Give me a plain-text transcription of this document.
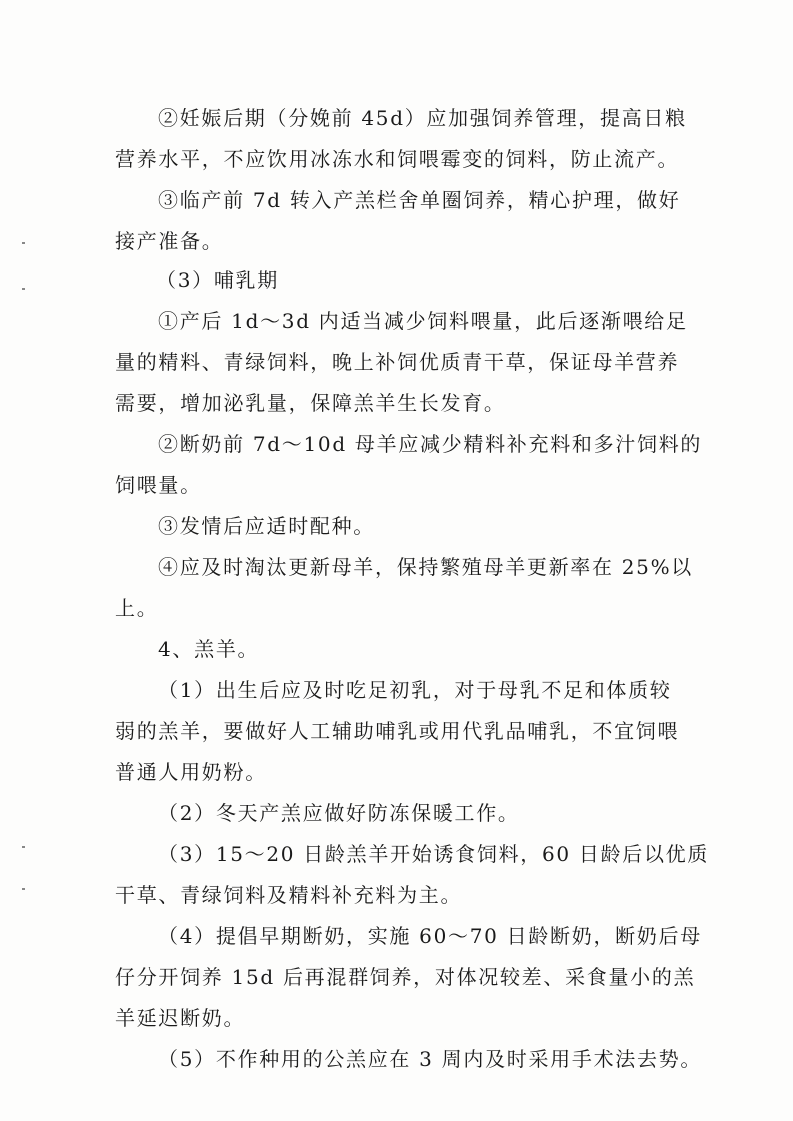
②妊娠后期（分娩前 45d）应加强饲养管理，提高日粮
营养水平，不应饮用冰冻水和饲喂霉变的饲料，防止流产。
③临产前 7d 转入产羔栏舍单圈饲养，精心护理，做好
接产准备。
（3）哺乳期
①产后 1d～3d 内适当减少饲料喂量，此后逐渐喂给足
量的精料、青绿饲料，晚上补饲优质青干草，保证母羊营养
需要，增加泌乳量，保障羔羊生长发育。
②断奶前 7d～10d 母羊应减少精料补充料和多汁饲料的
饲喂量。
③发情后应适时配种。
④应及时淘汰更新母羊，保持繁殖母羊更新率在 25%以
上。
4、羔羊。
（1）出生后应及时吃足初乳，对于母乳不足和体质较
弱的羔羊，要做好人工辅助哺乳或用代乳品哺乳，不宜饲喂
普通人用奶粉。
（2）冬天产羔应做好防冻保暖工作。
（3）15～20 日龄羔羊开始诱食饲料，60 日龄后以优质
干草、青绿饲料及精料补充料为主。
（4）提倡早期断奶，实施 60～70 日龄断奶，断奶后母
仔分开饲养 15d 后再混群饲养，对体况较差、采食量小的羔
羊延迟断奶。
（5）不作种用的公羔应在 3 周内及时采用手术法去势。
